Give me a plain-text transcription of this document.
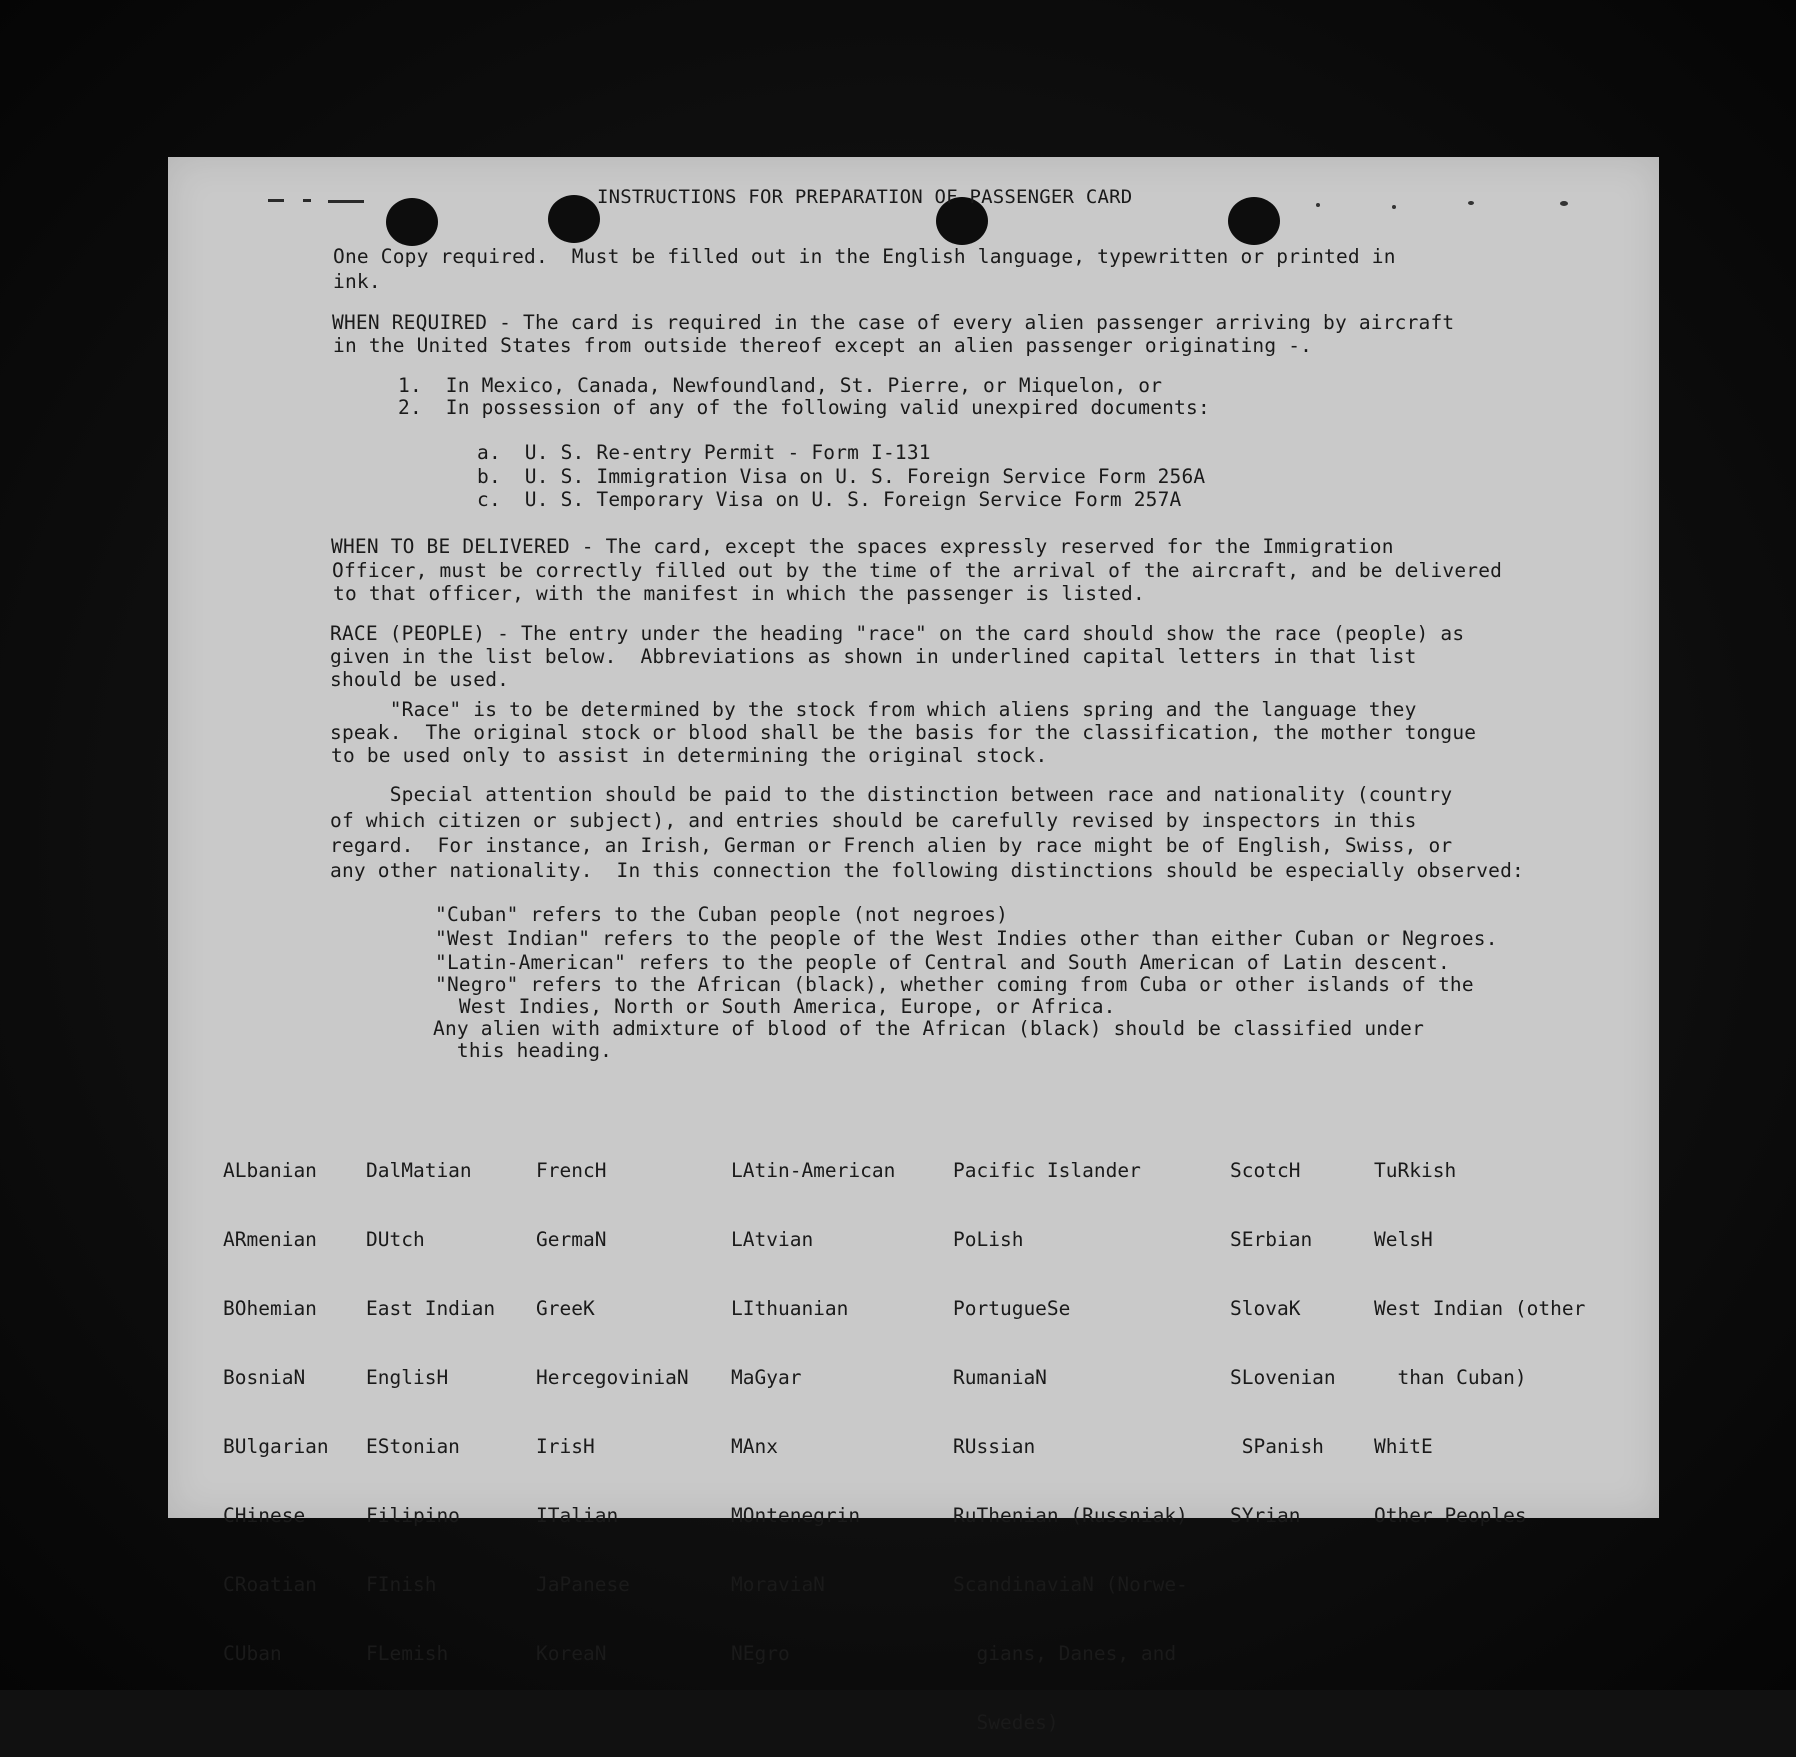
INSTRUCTIONS FOR PREPARATION OF PASSENGER CARD

One Copy required.  Must be filled out in the English language, typewritten or printed in

ink.

WHEN REQUIRED - The card is required in the case of every alien passenger arriving by aircraft

in the United States from outside thereof except an alien passenger originating -.

1.  In Mexico, Canada, Newfoundland, St. Pierre, or Miquelon, or

2.  In possession of any of the following valid unexpired documents:

a.  U. S. Re-entry Permit - Form I-131

b.  U. S. Immigration Visa on U. S. Foreign Service Form 256A

c.  U. S. Temporary Visa on U. S. Foreign Service Form 257A

WHEN TO BE DELIVERED - The card, except the spaces expressly reserved for the Immigration

Officer, must be correctly filled out by the time of the arrival of the aircraft, and be delivered

to that officer, with the manifest in which the passenger is listed.

RACE (PEOPLE) - The entry under the heading "race" on the card should show the race (people) as

given in the list below.  Abbreviations as shown in underlined capital letters in that list

should be used.

"Race" is to be determined by the stock from which aliens spring and the language they

speak.  The original stock or blood shall be the basis for the classification, the mother tongue

to be used only to assist in determining the original stock.

Special attention should be paid to the distinction between race and nationality (country

of which citizen or subject), and entries should be carefully revised by inspectors in this

regard.  For instance, an Irish, German or French alien by race might be of English, Swiss, or

any other nationality.  In this connection the following distinctions should be especially observed:

"Cuban" refers to the Cuban people (not negroes)

"West Indian" refers to the people of the West Indies other than either Cuban or Negroes.

"Latin-American" refers to the people of Central and South American of Latin descent.

"Negro" refers to the African (black), whether coming from Cuba or other islands of the

West Indies, North or South America, Europe, or Africa.

Any alien with admixture of blood of the African (black) should be classified under

this heading.

ALbanian

ARmenian

BOhemian

BosniaN

BUlgarian

CHinese

CRoatian

CUban

DalMatian

DUtch

East Indian

EnglisH

EStonian

Filipino

FInish

FLemish

FrencH

GermaN

GreeK

HercegoviniaN

IrisH

ITalian

JaPanese

KoreaN

LAtin-American

LAtvian

LIthuanian

MaGyar

MAnx

MOntenegrin

MoraviaN

NEgro

Pacific Islander

PoLish

PortugueSe

RumaniaN

RUssian

RuThenian (Russniak)

ScandinaviaN (Norwe-

gians, Danes, and

Swedes)

ScotcH

SErbian

SlovaK

SLovenian

SPanish

SYrian

TuRkish

WelsH

West Indian (other

than Cuban)

WhitE

Other Peoples
